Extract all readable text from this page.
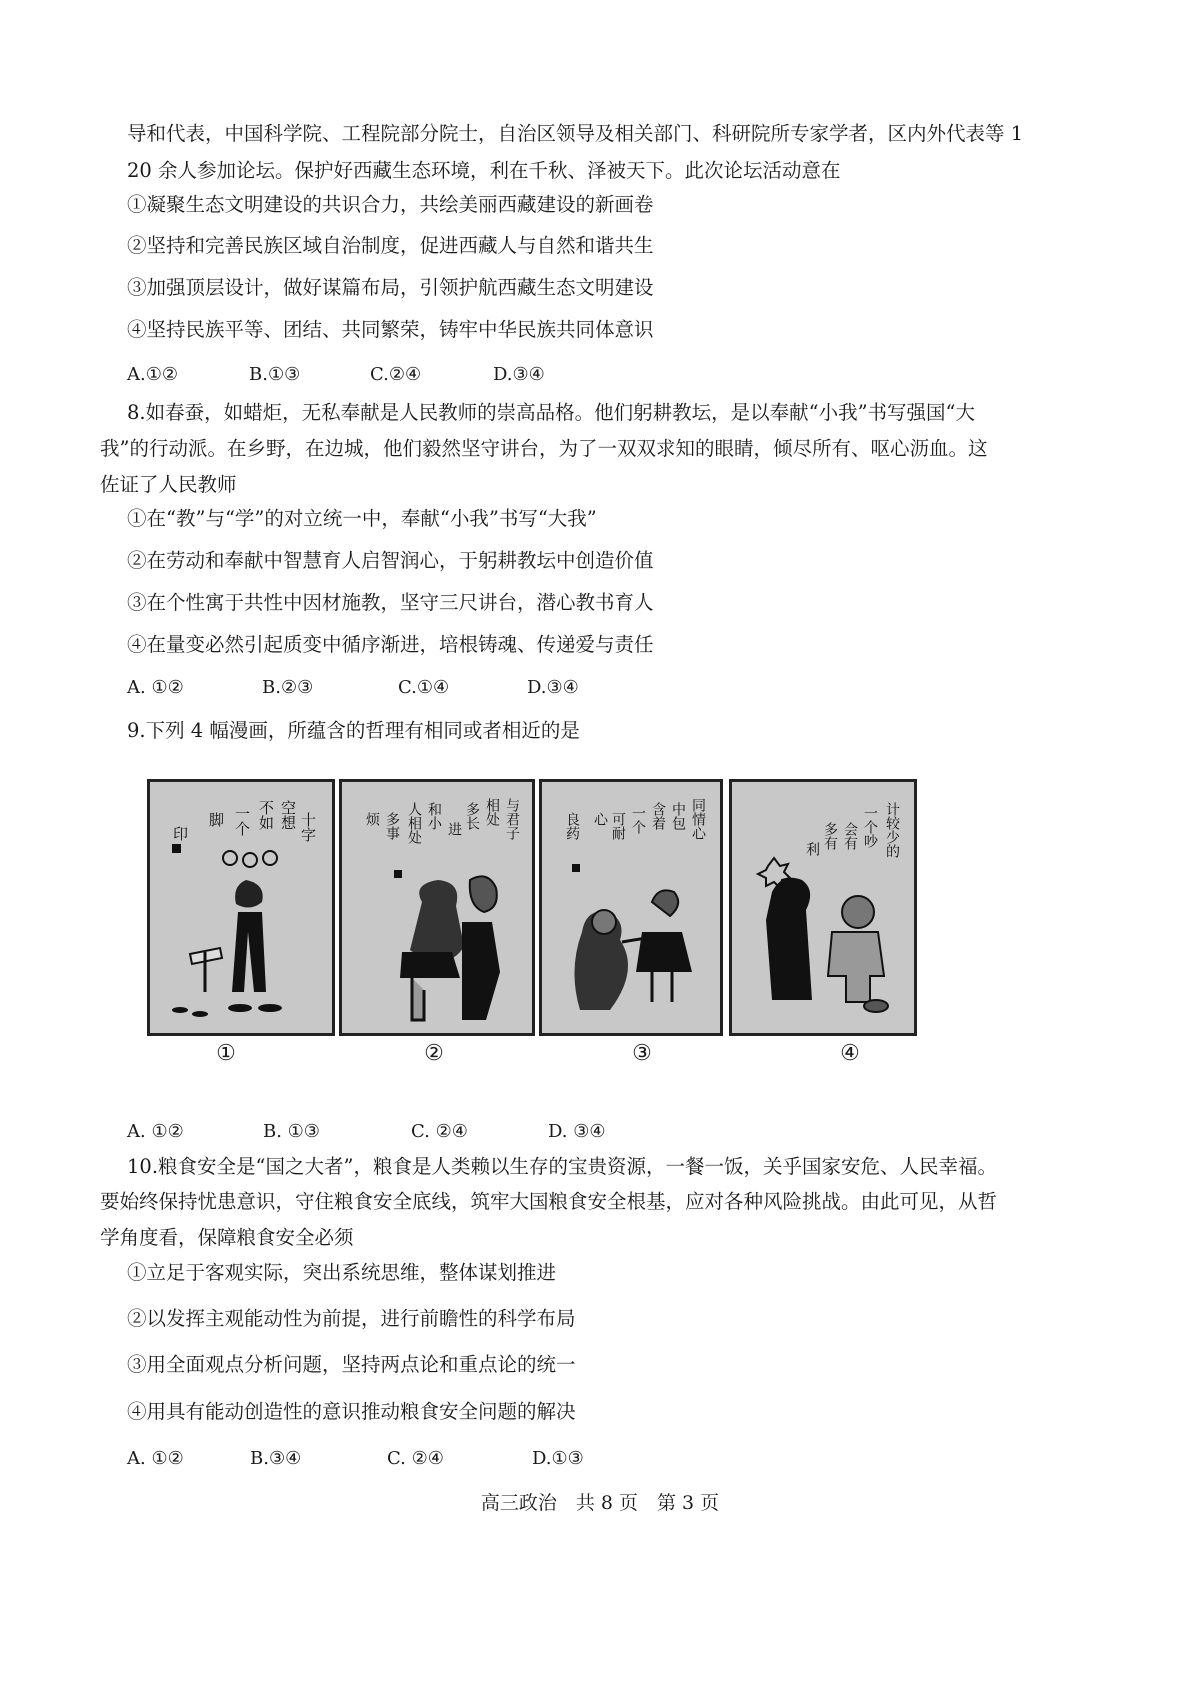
导和代表，中国科学院、工程院部分院士，自治区领导及相关部门、科研院所专家学者，区内外代表等 1
20 余人参加论坛。保护好西藏生态环境，利在千秋、泽被天下。此次论坛活动意在
①凝聚生态文明建设的共识合力，共绘美丽西藏建设的新画卷
②坚持和完善民族区域自治制度，促进西藏人与自然和谐共生
③加强顶层设计，做好谋篇布局，引领护航西藏生态文明建设
④坚持民族平等、团结、共同繁荣，铸牢中华民族共同体意识
A.①②	B.①③	C.②④	D.③④
8.如春蚕，如蜡炬，无私奉献是人民教师的崇高品格。他们躬耕教坛，是以奉献“小我”书写强国“大
我”的行动派。在乡野，在边城，他们毅然坚守讲台，为了一双双求知的眼睛，倾尽所有、呕心沥血。这
佐证了人民教师
①在“教”与“学”的对立统一中，奉献“小我”书写“大我”
②在劳动和奉献中智慧育人启智润心，于躬耕教坛中创造价值
③在个性寓于共性中因材施教，坚守三尺讲台，潜心教书育人
④在量变必然引起质变中循序渐进，培根铸魂、传递爱与责任
A. ①②	B.②③	C.①④	D.③④
9.下列 4 幅漫画，所蕴含的哲理有相同或者相近的是
十字
空想
不如
一个
脚
印	与君子
相处
多长
进
和小
人相处
多事
烦	同情心
中包
含着
一个
可耐
心
良药	计较少的
一个吵
会有
多有
利
①	②	③	④
A. ①②	B. ①③	C. ②④	D. ③④
10.粮食安全是“国之大者”，粮食是人类赖以生存的宝贵资源，一餐一饭，关乎国家安危、人民幸福。
要始终保持忧患意识，守住粮食安全底线，筑牢大国粮食安全根基，应对各种风险挑战。由此可见，从哲
学角度看，保障粮食安全必须
①立足于客观实际，突出系统思维，整体谋划推进
②以发挥主观能动性为前提，进行前瞻性的科学布局
③用全面观点分析问题，坚持两点论和重点论的统一
④用具有能动创造性的意识推动粮食安全问题的解决
A. ①②	B.③④	C. ②④	D.①③
高三政治　共 8 页　第 3 页
